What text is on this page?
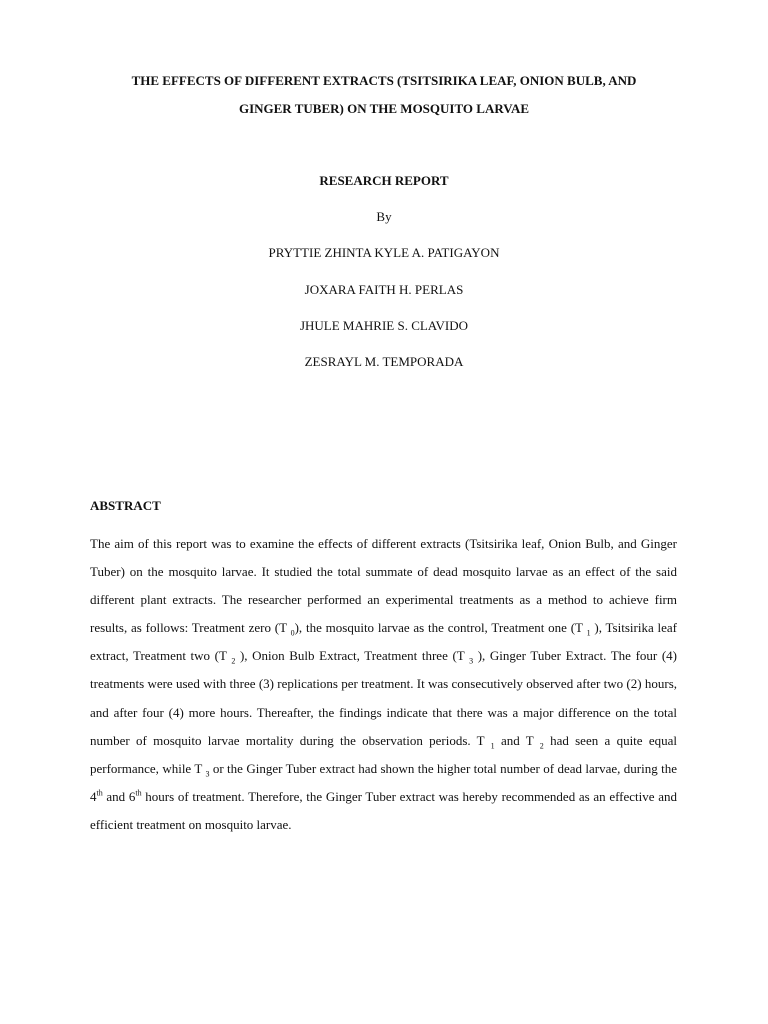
THE EFFECTS OF DIFFERENT EXTRACTS (TSITSIRIKA LEAF, ONION BULB, AND
GINGER TUBER) ON THE MOSQUITO LARVAE
RESEARCH REPORT
By
PRYTTIE ZHINTA KYLE A. PATIGAYON
JOXARA FAITH H. PERLAS
JHULE MAHRIE S. CLAVIDO
ZESRAYL M. TEMPORADA
ABSTRACT

The aim of this report was to examine the effects of different extracts (Tsitsirika leaf, Onion Bulb, and Ginger Tuber) on the mosquito larvae. It studied the total summate of dead mosquito larvae as an effect of the said different plant extracts. The researcher performed an experimental treatments as a method to achieve firm results, as follows: Treatment zero (T $_0$), the mosquito larvae as the control, Treatment one (T $_1$ ), Tsitsirika leaf extract, Treatment two (T $_2$ ), Onion Bulb Extract, Treatment three (T $_3$ ), Ginger Tuber Extract. The four (4) treatments were used with three (3) replications per treatment. It was consecutively observed after two (2) hours, and after four (4) more hours. Thereafter, the findings indicate that there was a major difference on the total number of mosquito larvae mortality during the observation periods. T $_1$ and T $_2$ had seen a quite equal performance, while T $_3$ or the Ginger Tuber extract had shown the higher total number of dead larvae, during the 4th and 6th hours of treatment. Therefore, the Ginger Tuber extract was hereby recommended as an effective and efficient treatment on mosquito larvae.
